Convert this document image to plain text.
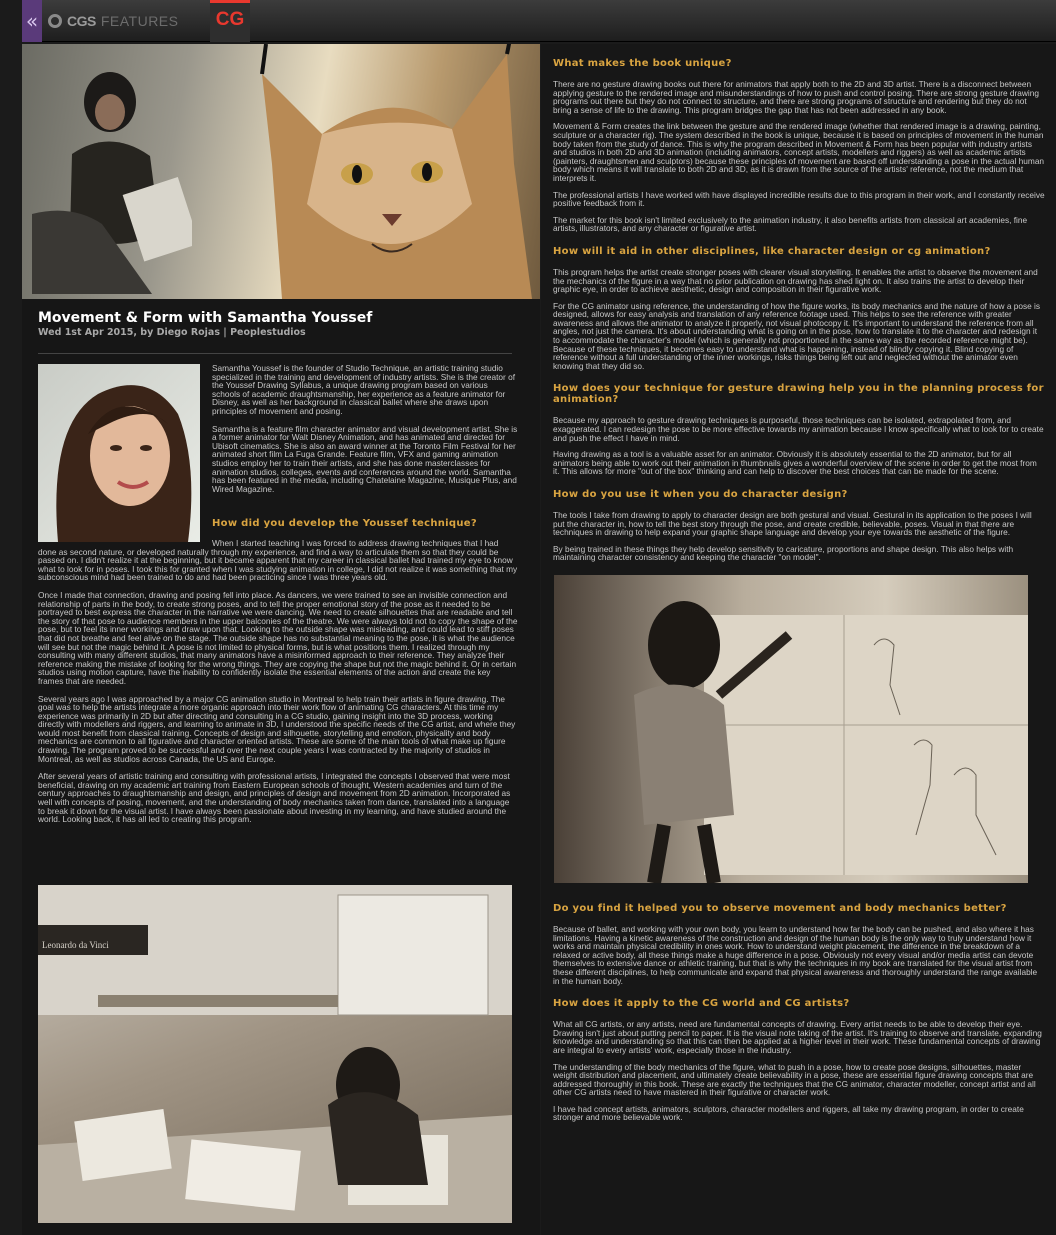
« CGS FEATURES	CG
Movement & Form with Samantha Youssef
Wed 1st Apr 2015, by Diego Rojas | Peoplestudios

Samantha Youssef is the founder of Studio Technique, an artistic training studio specialized in the training and development of industry artists. She is the creator of the Youssef Drawing Syllabus, a unique drawing program based on various schools of academic draughtsmanship, her experience as a feature animator for Disney, as well as her background in classical ballet where she draws upon principles of movement and posing.

Samantha is a feature film character animator and visual development artist. She is a former animator for Walt Disney Animation, and has animated and directed for Ubisoft cinematics. She is also an award winner at the Toronto Film Festival for her animated short film La Fuga Grande. Feature film, VFX and gaming animation studios employ her to train their artists, and she has done masterclasses for animation studios, colleges, events and conferences around the world. Samantha has been featured in the media, including Chatelaine Magazine, Musique Plus, and Wired Magazine.

How did you develop the Youssef technique?

When I started teaching I was forced to address drawing techniques that I had done as second nature, or developed naturally through my experience, and find a way to articulate them so that they could be passed on. I didn't realize it at the beginning, but it became apparent that my career in classical ballet had trained my eye to know what to look for in poses. I took this for granted when I was studying animation in college, I did not realize it was something that my subconscious mind had been trained to do and had been practicing since I was three years old.

Once I made that connection, drawing and posing fell into place. As dancers, we were trained to see an invisible connection and relationship of parts in the body, to create strong poses, and to tell the proper emotional story of the pose as it needed to be portrayed to best express the character in the narrative we were dancing. We need to create silhouettes that are readable and tell the story of that pose to audience members in the upper balconies of the theatre. We were always told not to copy the shape of the pose, but to feel its inner workings and draw upon that. Looking to the outside shape was misleading, and could lead to stiff poses that did not breathe and feel alive on the stage. The outside shape has no substantial meaning to the pose, it is what the audience will see but not the magic behind it. A pose is not limited to physical forms, but is what positions them. I realized through my consulting with many different studios, that many animators have a misinformed approach to their reference. They analyze their reference making the mistake of looking for the wrong things. They are copying the shape but not the magic behind it. Or in certain studios using motion capture, have the inability to confidently isolate the essential elements of the action and create the key frames that are needed.

Several years ago I was approached by a major CG animation studio in Montreal to help train their artists in figure drawing. The goal was to help the artists integrate a more organic approach into their work flow of animating CG characters. At this time my experience was primarily in 2D but after directing and consulting in a CG studio, gaining insight into the 3D process, working directly with modellers and riggers, and learning to animate in 3D, I understood the specific needs of the CG artist, and where they would most benefit from classical training. Concepts of design and silhouette, storytelling and emotion, physicality and body mechanics are common to all figurative and character oriented artists. These are some of the main tools of what make up figure drawing. The program proved to be successful and over the next couple years I was contracted by the majority of studios in Montreal, as well as studios across Canada, the US and Europe.

After several years of artistic training and consulting with professional artists, I integrated the concepts I observed that were most beneficial, drawing on my academic art training from Eastern European schools of thought, Western academies and turn of the century approaches to draughtsmanship and design, and principles of design and movement from 2D animation. Incorporated as well with concepts of posing, movement, and the understanding of body mechanics taken from dance, translated into a language to break it down for the visual artist. I have always been passionate about investing in my learning, and have studied around the world. Looking back, it has all led to creating this program.

Leonardo da Vinci
What makes the book unique?

There are no gesture drawing books out there for animators that apply both to the 2D and 3D artist. There is a disconnect between applying gesture to the rendered image and misunderstandings of how to push and control posing. There are strong gesture drawing programs out there but they do not connect to structure, and there are strong programs of structure and rendering but they do not bring a sense of life to the drawing. This program bridges the gap that has not been addressed in any book.

Movement & Form creates the link between the gesture and the rendered image (whether that rendered image is a drawing, painting, sculpture or a character rig). The system described in the book is unique, because it is based on principles of movement in the human body taken from the study of dance. This is why the program described in Movement & Form has been popular with industry artists and studios in both 2D and 3D animation (including animators, concept artists, modellers and riggers) as well as academic artists (painters, draughtsmen and sculptors) because these principles of movement are based off understanding a pose in the actual human body which means it will translate to both 2D and 3D, as it is drawn from the source of the artists' reference, not the medium that interprets it.

The professional artists I have worked with have displayed incredible results due to this program in their work, and I constantly receive positive feedback from it.

The market for this book isn't limited exclusively to the animation industry, it also benefits artists from classical art academies, fine artists, illustrators, and any character or figurative artist.

How will it aid in other disciplines, like character design or cg animation?

This program helps the artist create stronger poses with clearer visual storytelling. It enables the artist to observe the movement and the mechanics of the figure in a way that no prior publication on drawing has shed light on. It also trains the artist to develop their graphic eye, in order to achieve aesthetic, design and composition in their figurative work.

For the CG animator using reference, the understanding of how the figure works, its body mechanics and the nature of how a pose is designed, allows for easy analysis and translation of any reference footage used. This helps to see the reference with greater awareness and allows the animator to analyze it properly, not visual photocopy it. It's important to understand the reference from all angles, not just the camera. It's about understanding what is going on in the pose, how to translate it to the character and redesign it to accommodate the character's model (which is generally not proportioned in the same way as the recorded reference might be). Because of these techniques, it becomes easy to understand what is happening, instead of blindly copying it. Blind copying of reference without a full understanding of the inner workings, risks things being left out and neglected without the animator even knowing that they did so.

How does your technique for gesture drawing help you in the planning process for animation?

Because my approach to gesture drawing techniques is purposeful, those techniques can be isolated, extrapolated from, and exaggerated. I can redesign the pose to be more effective towards my animation because I know specifically what to look for to create and push the effect I have in mind.

Having drawing as a tool is a valuable asset for an animator. Obviously it is absolutely essential to the 2D animator, but for all animators being able to work out their animation in thumbnails gives a wonderful overview of the scene in order to get the most from it. This allows for more "out of the box" thinking and can help to discover the best choices that can be made for the scene.

How do you use it when you do character design?

The tools I take from drawing to apply to character design are both gestural and visual. Gestural in its application to the poses I will put the character in, how to tell the best story through the pose, and create credible, believable, poses. Visual in that there are techniques in drawing to help expand your graphic shape language and develop your eye towards the aesthetic of the figure.

By being trained in these things they help develop sensitivity to caricature, proportions and shape design. This also helps with maintaining character consistency and keeping the character "on model".

Do you find it helped you to observe movement and body mechanics better?

Because of ballet, and working with your own body, you learn to understand how far the body can be pushed, and also where it has limitations. Having a kinetic awareness of the construction and design of the human body is the only way to truly understand how it works and maintain physical credibility in ones work. How to understand weight placement, the difference in the breakdown of a relaxed or active body, all these things make a huge difference in a pose. Obviously not every visual and/or media artist can devote themselves to extensive dance or athletic training, but that is why the techniques in my book are translated for the visual artist from these different disciplines, to help communicate and expand that physical awareness and thoroughly understand the range available in the human body.

How does it apply to the CG world and CG artists?

What all CG artists, or any artists, need are fundamental concepts of drawing. Every artist needs to be able to develop their eye. Drawing isn't just about putting pencil to paper. It is the visual note taking of the artist. It's training to observe and translate, expanding knowledge and understanding so that this can then be applied at a higher level in their work. These fundamental concepts of drawing are integral to every artists' work, especially those in the industry.

The understanding of the body mechanics of the figure, what to push in a pose, how to create pose designs, silhouettes, master weight distribution and placement, and ultimately create believability in a pose, these are essential figure drawing concepts that are addressed thoroughly in this book. These are exactly the techniques that the CG animator, character modeller, concept artist and all other CG artists need to have mastered in their figurative or character work.

I have had concept artists, animators, sculptors, character modellers and riggers, all take my drawing program, in order to create stronger and more believable work.
